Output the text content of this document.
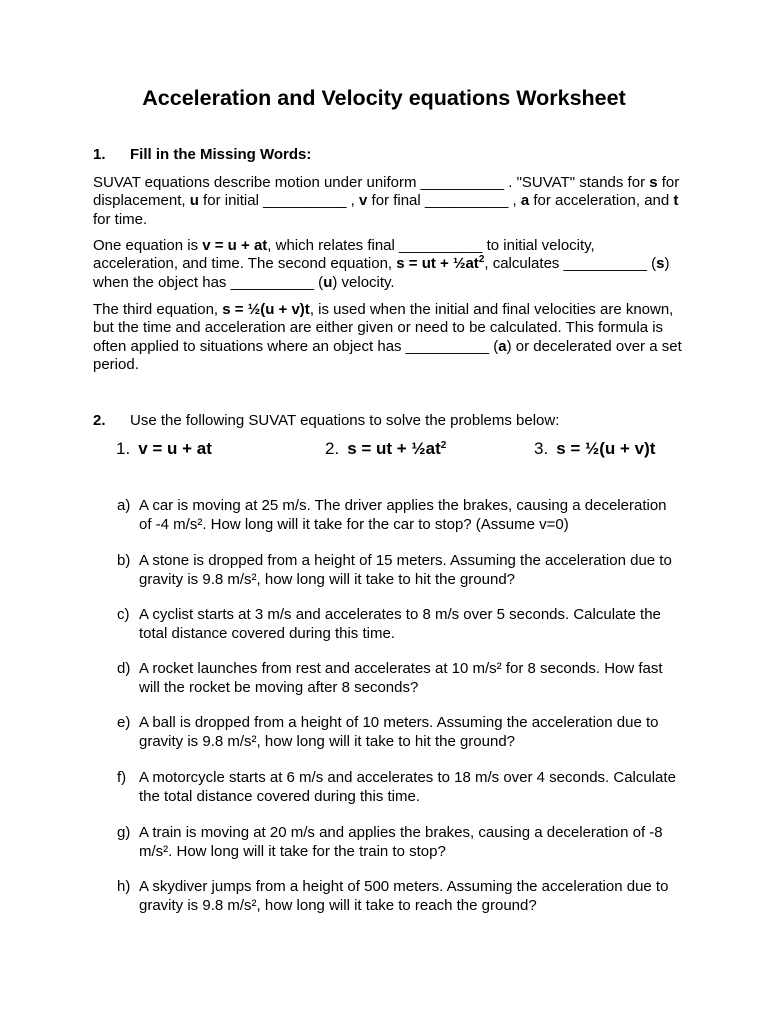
Acceleration and Velocity equations Worksheet
1. Fill in the Missing Words:
SUVAT equations describe motion under uniform __________ . "SUVAT" stands for s for displacement, u for initial __________ , v for final __________ , a for acceleration, and t for time.
One equation is v = u + at, which relates final __________ to initial velocity, acceleration, and time. The second equation, s = ut + $\frac{1}{2}at^2$, calculates __________ (s) when the object has __________ (u) velocity.
The third equation, s = ½(u + v)t, is used when the initial and final velocities are known, but the time and acceleration are either given or need to be calculated. This formula is often applied to situations where an object has __________ (a) or decelerated over a set period.
2. Use the following SUVAT equations to solve the problems below:
1. v = u + at	2. s = ut + $\frac{1}{2}at^2$	3. s = ½(u + v)t
a) A car is moving at 25 m/s. The driver applies the brakes, causing a deceleration of -4 m/s². How long will it take for the car to stop? (Assume v=0)
b) A stone is dropped from a height of 15 meters. Assuming the acceleration due to gravity is 9.8 m/s², how long will it take to hit the ground?
c) A cyclist starts at 3 m/s and accelerates to 8 m/s over 5 seconds. Calculate the total distance covered during this time.
d) A rocket launches from rest and accelerates at 10 m/s² for 8 seconds. How fast will the rocket be moving after 8 seconds?
e) A ball is dropped from a height of 10 meters. Assuming the acceleration due to gravity is 9.8 m/s², how long will it take to hit the ground?
f) A motorcycle starts at 6 m/s and accelerates to 18 m/s over 4 seconds. Calculate the total distance covered during this time.
g) A train is moving at 20 m/s and applies the brakes, causing a deceleration of -8 m/s². How long will it take for the train to stop?
h) A skydiver jumps from a height of 500 meters. Assuming the acceleration due to gravity is 9.8 m/s², how long will it take to reach the ground?
